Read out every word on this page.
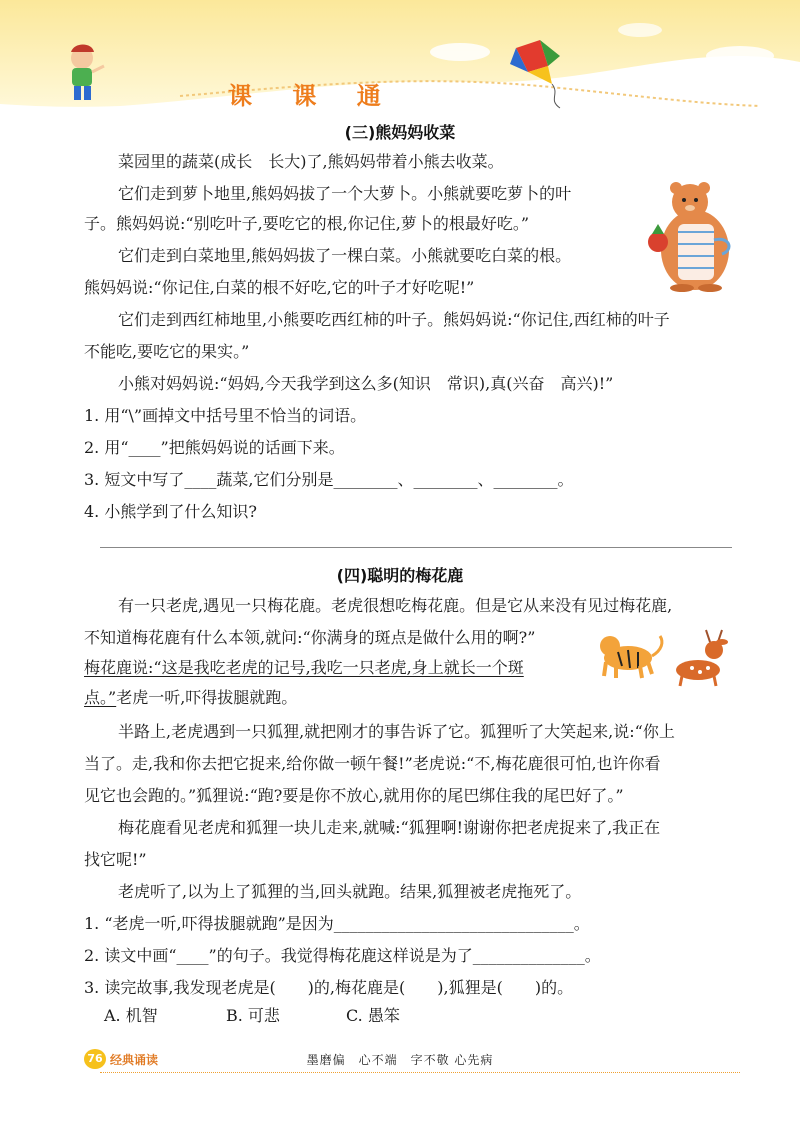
课 课 通
(三)熊妈妈收菜
菜园里的蔬菜(成长　长大)了,熊妈妈带着小熊去收菜。
它们走到萝卜地里,熊妈妈拔了一个大萝卜。小熊就要吃萝卜的叶
子。熊妈妈说:“别吃叶子,要吃它的根,你记住,萝卜的根最好吃。”
它们走到白菜地里,熊妈妈拔了一棵白菜。小熊就要吃白菜的根。
熊妈妈说:“你记住,白菜的根不好吃,它的叶子才好吃呢!”
它们走到西红柿地里,小熊要吃西红柿的叶子。熊妈妈说:“你记住,西红柿的叶子
不能吃,要吃它的果实。”
小熊对妈妈说:“妈妈,今天我学到这么多(知识　常识),真(兴奋　高兴)!”
1. 用“\”画掉文中括号里不恰当的词语。
2. 用“____”把熊妈妈说的话画下来。
3. 短文中写了____蔬菜,它们分别是________、________、________。
4. 小熊学到了什么知识?
(四)聪明的梅花鹿
有一只老虎,遇见一只梅花鹿。老虎很想吃梅花鹿。但是它从来没有见过梅花鹿,
不知道梅花鹿有什么本领,就问:“你满身的斑点是做什么用的啊?”
梅花鹿说:“这是我吃老虎的记号,我吃一只老虎,身上就长一个斑
点。”老虎一听,吓得拔腿就跑。
半路上,老虎遇到一只狐狸,就把刚才的事告诉了它。狐狸听了大笑起来,说:“你上
当了。走,我和你去把它捉来,给你做一顿午餐!”老虎说:“不,梅花鹿很可怕,也许你看
见它也会跑的。”狐狸说:“跑?要是你不放心,就用你的尾巴绑住我的尾巴好了。”
梅花鹿看见老虎和狐狸一块儿走来,就喊:“狐狸啊!谢谢你把老虎捉来了,我正在
找它呢!”
老虎听了,以为上了狐狸的当,回头就跑。结果,狐狸被老虎拖死了。
1. “老虎一听,吓得拔腿就跑”是因为______________________________。
2. 读文中画“____”的句子。我觉得梅花鹿这样说是为了______________。
3. 读完故事,我发现老虎是(　　)的,梅花鹿是(　　),狐狸是(　　)的。
A. 机智	B. 可悲	C. 愚笨
76 经典诵读	墨磨偏　心不端　字不敬 心先病
